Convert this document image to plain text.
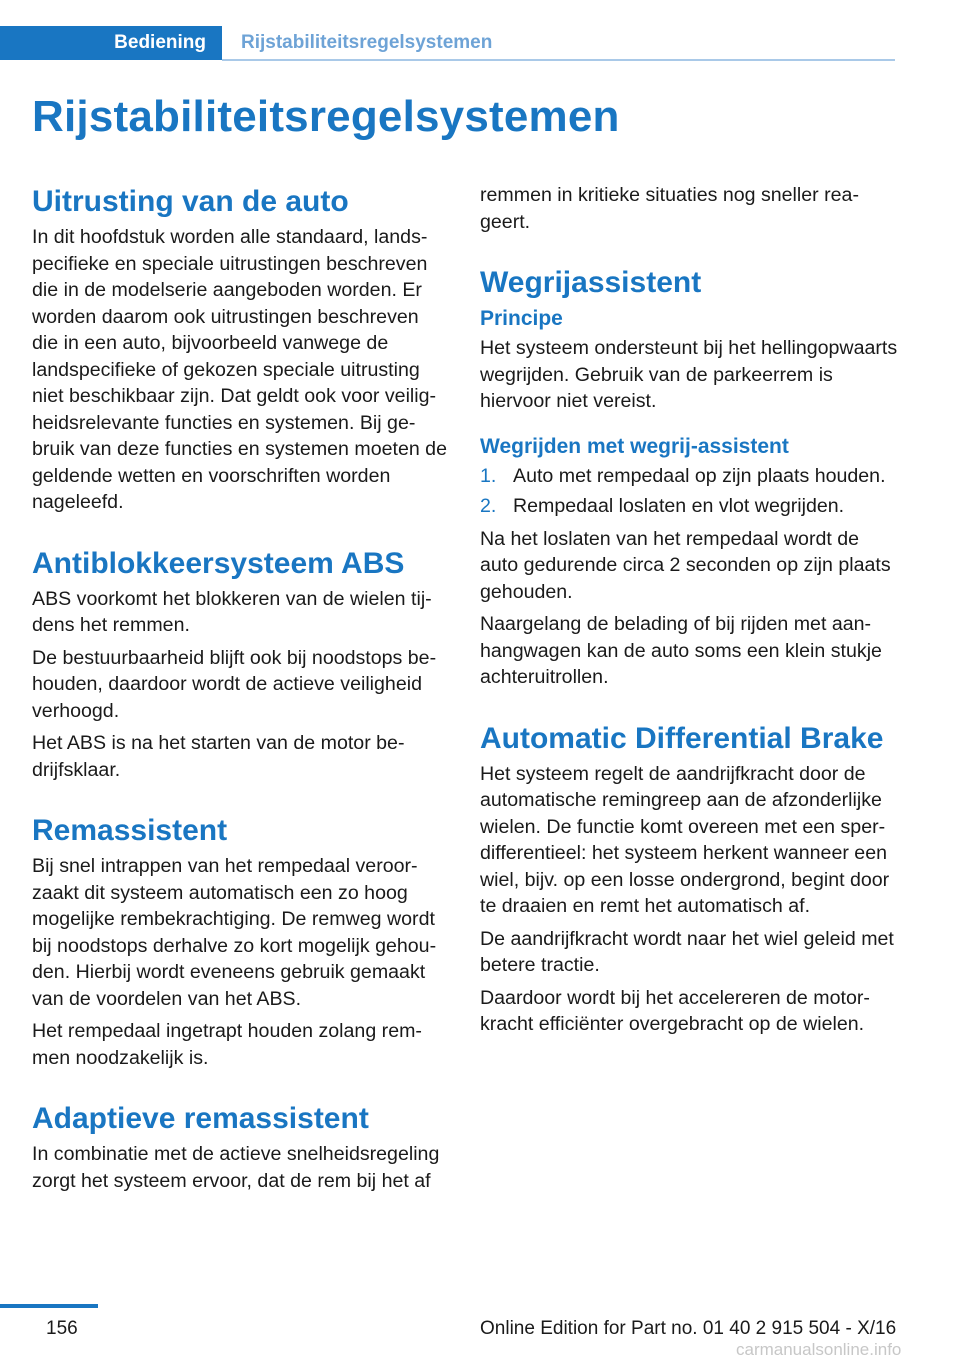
Bediening Rijstabiliteitsregelsystemen
Rijstabiliteitsregelsystemen
Uitrusting van de auto

In dit hoofdstuk worden alle standaard, landspecifieke en speciale uitrustingen beschreven die in de modelserie aangeboden worden. Er worden daarom ook uitrustingen beschreven die in een auto, bijvoorbeeld vanwege de landspecifieke of gekozen speciale uitrusting niet beschikbaar zijn. Dat geldt ook voor veiligheidsrelevante functies en systemen. Bij gebruik van deze functies en systemen moeten de geldende wetten en voorschriften worden nageleefd.

Antiblokkeersysteem ABS

ABS voorkomt het blokkeren van de wielen tijdens het remmen.

De bestuurbaarheid blijft ook bij noodstops behouden, daardoor wordt de actieve veiligheid verhoogd.

Het ABS is na het starten van de motor bedrijfsklaar.

Remassistent

Bij snel intrappen van het rempedaal veroorzaakt dit systeem automatisch een zo hoog mogelijke rembekrachtiging. De remweg wordt bij noodstops derhalve zo kort mogelijk gehouden. Hierbij wordt eveneens gebruik gemaakt van de voordelen van het ABS.

Het rempedaal ingetrapt houden zolang remmen noodzakelijk is.

Adaptieve remassistent

In combinatie met de actieve snelheidsregeling zorgt het systeem ervoor, dat de rem bij het af

remmen in kritieke situaties nog sneller reageert.

Wegrijassistent
Principe

Het systeem ondersteunt bij het hellingopwaarts wegrijden. Gebruik van de parkeerrem is hiervoor niet vereist.

Wegrijden met wegrij-assistent
1. Auto met rempedaal op zijn plaats houden.
2. Rempedaal loslaten en vlot wegrijden.

Na het loslaten van het rempedaal wordt de auto gedurende circa 2 seconden op zijn plaats gehouden.

Naargelang de belading of bij rijden met aanhangwagen kan de auto soms een klein stukje achteruitrollen.

Automatic Differential Brake

Het systeem regelt de aandrijfkracht door de automatische remingreep aan de afzonderlijke wielen. De functie komt overeen met een sperdifferentieel: het systeem herkent wanneer een wiel, bijv. op een losse ondergrond, begint door te draaien en remt het automatisch af.

De aandrijfkracht wordt naar het wiel geleid met betere tractie.

Daardoor wordt bij het accelereren de motorkracht efficiënter overgebracht op de wielen.

156	Online Edition for Part no. 01 40 2 915 504 - X/16
carmanualsonline.info
